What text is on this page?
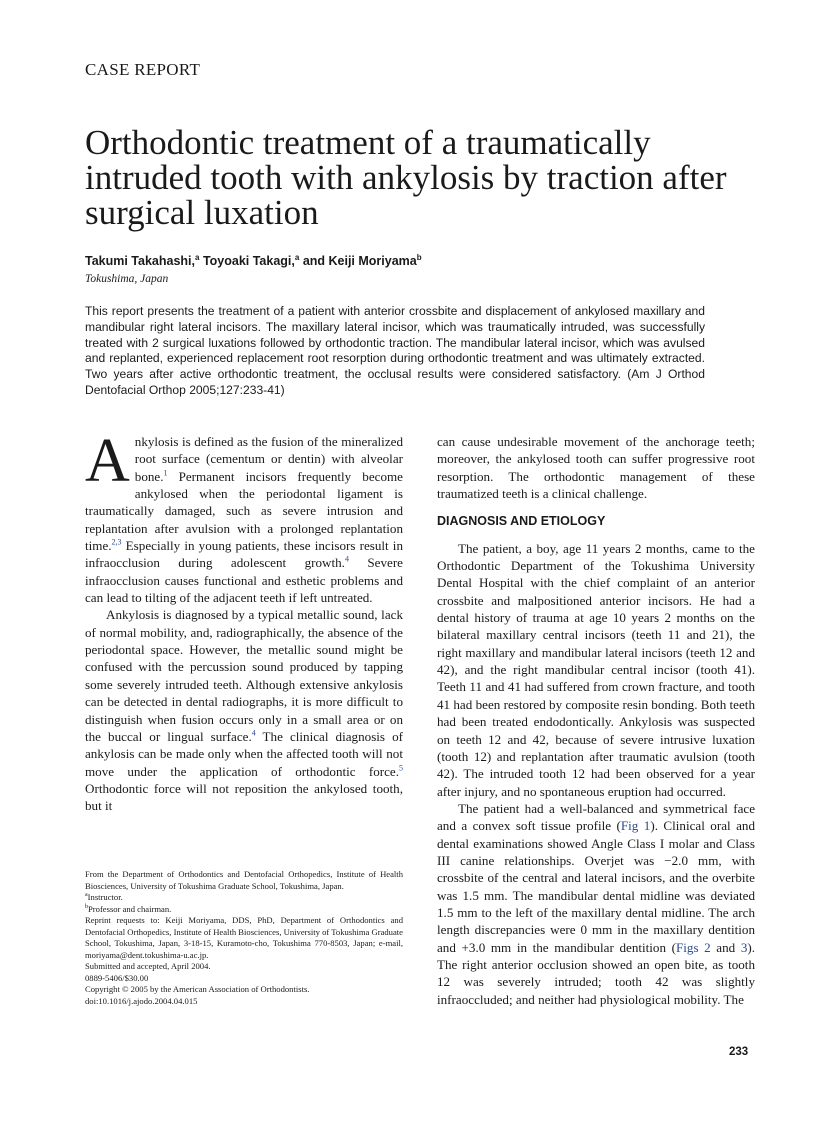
CASE REPORT
Orthodontic treatment of a traumatically intruded tooth with ankylosis by traction after surgical luxation
Takumi Takahashi,$^a$ Toyoaki Takagi,$^a$ and Keiji Moriyama$^b$
Tokushima, Japan
This report presents the treatment of a patient with anterior crossbite and displacement of ankylosed maxillary and mandibular right lateral incisors. The maxillary lateral incisor, which was traumatically intruded, was successfully treated with 2 surgical luxations followed by orthodontic traction. The mandibular lateral incisor, which was avulsed and replanted, experienced replacement root resorption during orthodontic treatment and was ultimately extracted. Two years after active orthodontic treatment, the occlusal results were considered satisfactory. (Am J Orthod Dentofacial Orthop 2005;127:233-41)

Ankylosis is defined as the fusion of the mineralized root surface (cementum or dentin) with alveolar bone.$^1$ Permanent incisors frequently become ankylosed when the periodontal ligament is traumatically damaged, such as severe intrusion and replantation after avulsion with a prolonged replantation time.$^{2,3}$ Especially in young patients, these incisors result in infraocclusion during adolescent growth.$^4$ Severe infraocclusion causes functional and esthetic problems and can lead to tilting of the adjacent teeth if left untreated.

Ankylosis is diagnosed by a typical metallic sound, lack of normal mobility, and, radiographically, the absence of the periodontal space. However, the metallic sound might be confused with the percussion sound produced by tapping some severely intruded teeth. Although extensive ankylosis can be detected in dental radiographs, it is more difficult to distinguish when fusion occurs only in a small area or on the buccal or lingual surface.$^4$ The clinical diagnosis of ankylosis can be made only when the affected tooth will not move under the application of orthodontic force.$^5$ Orthodontic force will not reposition the ankylosed tooth, but it

From the Department of Orthodontics and Dentofacial Orthopedics, Institute of Health Biosciences, University of Tokushima Graduate School, Tokushima, Japan.

$^a$Instructor.

$^b$Professor and chairman.

Reprint requests to: Keiji Moriyama, DDS, PhD, Department of Orthodontics and Dentofacial Orthopedics, Institute of Health Biosciences, University of Tokushima Graduate School, Tokushima, Japan, 3-18-15, Kuramoto-cho, Tokushima 770-8503, Japan; e-mail, moriyama@dent.tokushima-u.ac.jp.

Submitted and accepted, April 2004.

0889-5406/$30.00

Copyright © 2005 by the American Association of Orthodontists.

doi:10.1016/j.ajodo.2004.04.015

can cause undesirable movement of the anchorage teeth; moreover, the ankylosed tooth can suffer progressive root resorption. The orthodontic management of these traumatized teeth is a clinical challenge.

DIAGNOSIS AND ETIOLOGY

The patient, a boy, age 11 years 2 months, came to the Orthodontic Department of the Tokushima University Dental Hospital with the chief complaint of an anterior crossbite and malpositioned anterior incisors. He had a dental history of trauma at age 10 years 2 months on the bilateral maxillary central incisors (teeth 11 and 21), the right maxillary and mandibular lateral incisors (teeth 12 and 42), and the right mandibular central incisor (tooth 41). Teeth 11 and 41 had suffered from crown fracture, and tooth 41 had been restored by composite resin bonding. Both teeth had been treated endodontically. Ankylosis was suspected on teeth 12 and 42, because of severe intrusive luxation (tooth 12) and replantation after traumatic avulsion (tooth 42). The intruded tooth 12 had been observed for a year after injury, and no spontaneous eruption had occurred.

The patient had a well-balanced and symmetrical face and a convex soft tissue profile (Fig 1). Clinical oral and dental examinations showed Angle Class I molar and Class III canine relationships. Overjet was −2.0 mm, with crossbite of the central and lateral incisors, and the overbite was 1.5 mm. The mandibular dental midline was deviated 1.5 mm to the left of the maxillary dental midline. The arch length discrepancies were 0 mm in the maxillary dentition and +3.0 mm in the mandibular dentition (Figs 2 and 3). The right anterior occlusion showed an open bite, as tooth 12 was severely intruded; tooth 42 was slightly infraoccluded; and neither had physiological mobility. The

233
